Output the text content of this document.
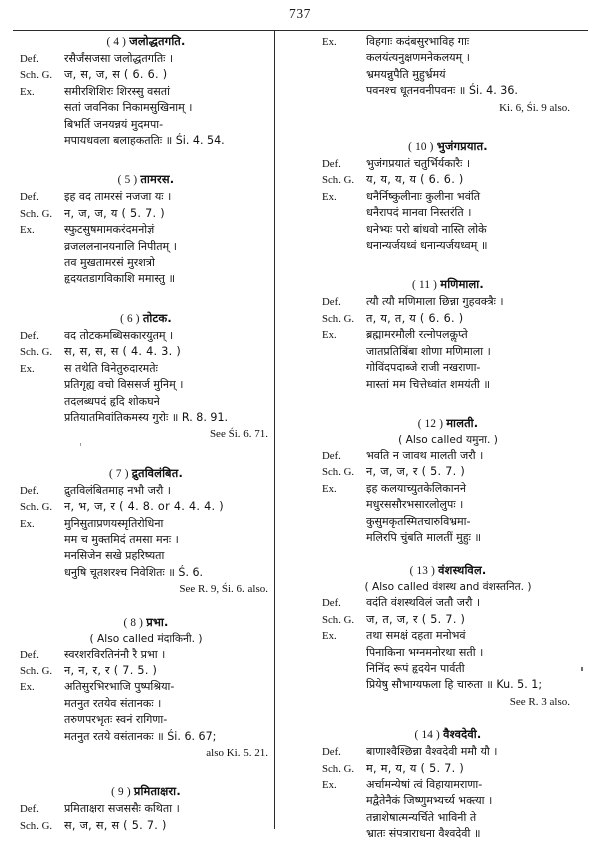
737
( 4 ) जलोद्धतगति.
Def.	रसैर्जंसजसा जलोद्धतगतिः ।
Sch. G.	ज, स, ज, स ( 6. 6. )
Ex.	समीरशिशिरः शिरस्सु वसतां
सतां जवनिका निकामसुखिनाम् ।
बिभर्ति जनयन्नयं मुदमपा-
मपायधवला बलाहकततिः ॥ Śi. 4. 54.
( 5 ) तामरस.
Def.	इह वद तामरसं नजजा यः ।
Sch. G.	न, ज, ज, य ( 5. 7. )
Ex.	स्फुटसुषमामकरंदमनोज्ञं
व्रजललनानयनालि निपीतम् ।
तव मुखतामरसं मुरशत्रो
हृदयतडागविकाशि ममास्तु ॥
( 6 ) तोटक.
Def.	वद तोटकमब्धिसकारयुतम् ।
Sch. G.	स, स, स, स ( 4. 4. 3. )
Ex.	स तथेति विनेतुरुदारमतेः
प्रतिगृह्य वचो विससर्ज मुनिम् ।
तदलब्धपदं हृदि शोकघने
प्रतियातमिवांतिकमस्य गुरोः ॥ R. 8. 91.
See Śi. 6. 71.
( 7 ) द्रुतविलंबित.
Def.	द्रुतविलंबितमाह नभौ जरौ ।
Sch. G.	न, भ, ज, र ( 4. 8. or 4. 4. 4. )
Ex.	मुनिसुताप्रणयस्मृतिरोधिना
मम च मुक्तमिदं तमसा मनः ।
मनसिजेन सखे प्रहरिष्यता
धनुषि चूतशरश्च निवेशितः ॥ Ś. 6.
See R. 9, Śi. 6. also.
( 8 ) प्रभा.
( Also called मंदाकिनी. )
Def.	स्वरशरविरतिनंनौ रै प्रभा ।
Sch. G.	न, न, र, र ( 7. 5. )
Ex.	अतिसुरभिरभाजि पुष्पश्रिया-
मतनुत रतयेव संतानकः ।
तरुणपरभृतः स्वनं रागिणा-
मतनुत रतये वसंतानकः ॥ Śi. 6. 67;
also Ki. 5. 21.
( 9 ) प्रमिताक्षरा.
Def.	प्रमिताक्षरा सजससैः कथिता ।
Sch. G.	स, ज, स, स ( 5. 7. )
Ex.	विहगाः कदंबसुरभाविह गाः
कलयंत्यनुक्षणमनेकलयम् ।
भ्रमयन्नुपैति मुहुर्भ्रमयं
पवनश्च धूतनवनीपवनः ॥ Śi. 4. 36.
Ki. 6, Śi. 9 also.
( 10 ) भुजंगप्रयात.
Def.	भुजंगप्रयातं चतुर्भिर्यकारैः ।
Sch. G.	य, य, य, य ( 6. 6. )
Ex.	धनैर्निष्कुलीनाः कुलीना भवंति
धनैरापदं मानवा निस्तरंति ।
धनेभ्यः परो बांधवो नास्ति लोके
धनान्यर्जयध्वं धनान्यर्जयध्वम् ॥
( 11 ) मणिमाला.
Def.	त्यौ त्यौ मणिमाला छिन्ना गुहवक्त्रैः ।
Sch. G.	त, य, त, य ( 6. 6. )
Ex.	ब्रह्मामरमौली रत्नोपलकॢप्ते
जातप्रतिबिंबा शोणा मणिमाला ।
गोविंदपदाब्जे राजी नखराणा-
मास्तां मम चित्तेध्वांत शमयंती ॥
( 12 ) मालती.
( Also called यमुना. )
Def.	भवति न जावथ मालती जरौ ।
Sch. G.	न, ज, ज, र ( 5. 7. )
Ex.	इह कलयाच्युतकेलिकानने
मधुरससौरभसारलोलुपः ।
कुसुमकृतस्मितचारुविभ्रमा-
मलिरपि चुंबति मालतीं मुहुः ॥
( 13 ) वंशस्थविल.
( Also called वंशस्थ and वंशस्तनित. )
Def.	वदंति वंशस्थविलं जतौ जरौ ।
Sch. G.	ज, त, ज, र ( 5. 7. )
Ex.	तथा समक्षं दहता मनोभवं
पिनाकिना भग्नमनोरथा सती ।
निनिंद रूपं हृदयेन पार्वती
प्रियेषु सौभाग्यफला हि चारुता ॥ Ku. 5. 1;
See R. 3 also.
( 14 ) वैश्वदेवी.
Def.	बाणाश्वैश्छिन्ना वैश्वदेवी ममौ यौ ।
Sch. G.	म, म, य, य ( 5. 7. )
Ex.	अर्चामन्येषां त्वं विहायामराणा-
मद्वैतेनैकं जिष्णुमभ्यर्च्य भक्त्या ।
तन्नाशेषात्मन्यर्चिते भाविनी ते
भ्रातः संपत्राराधना वैश्वदेवी ॥
